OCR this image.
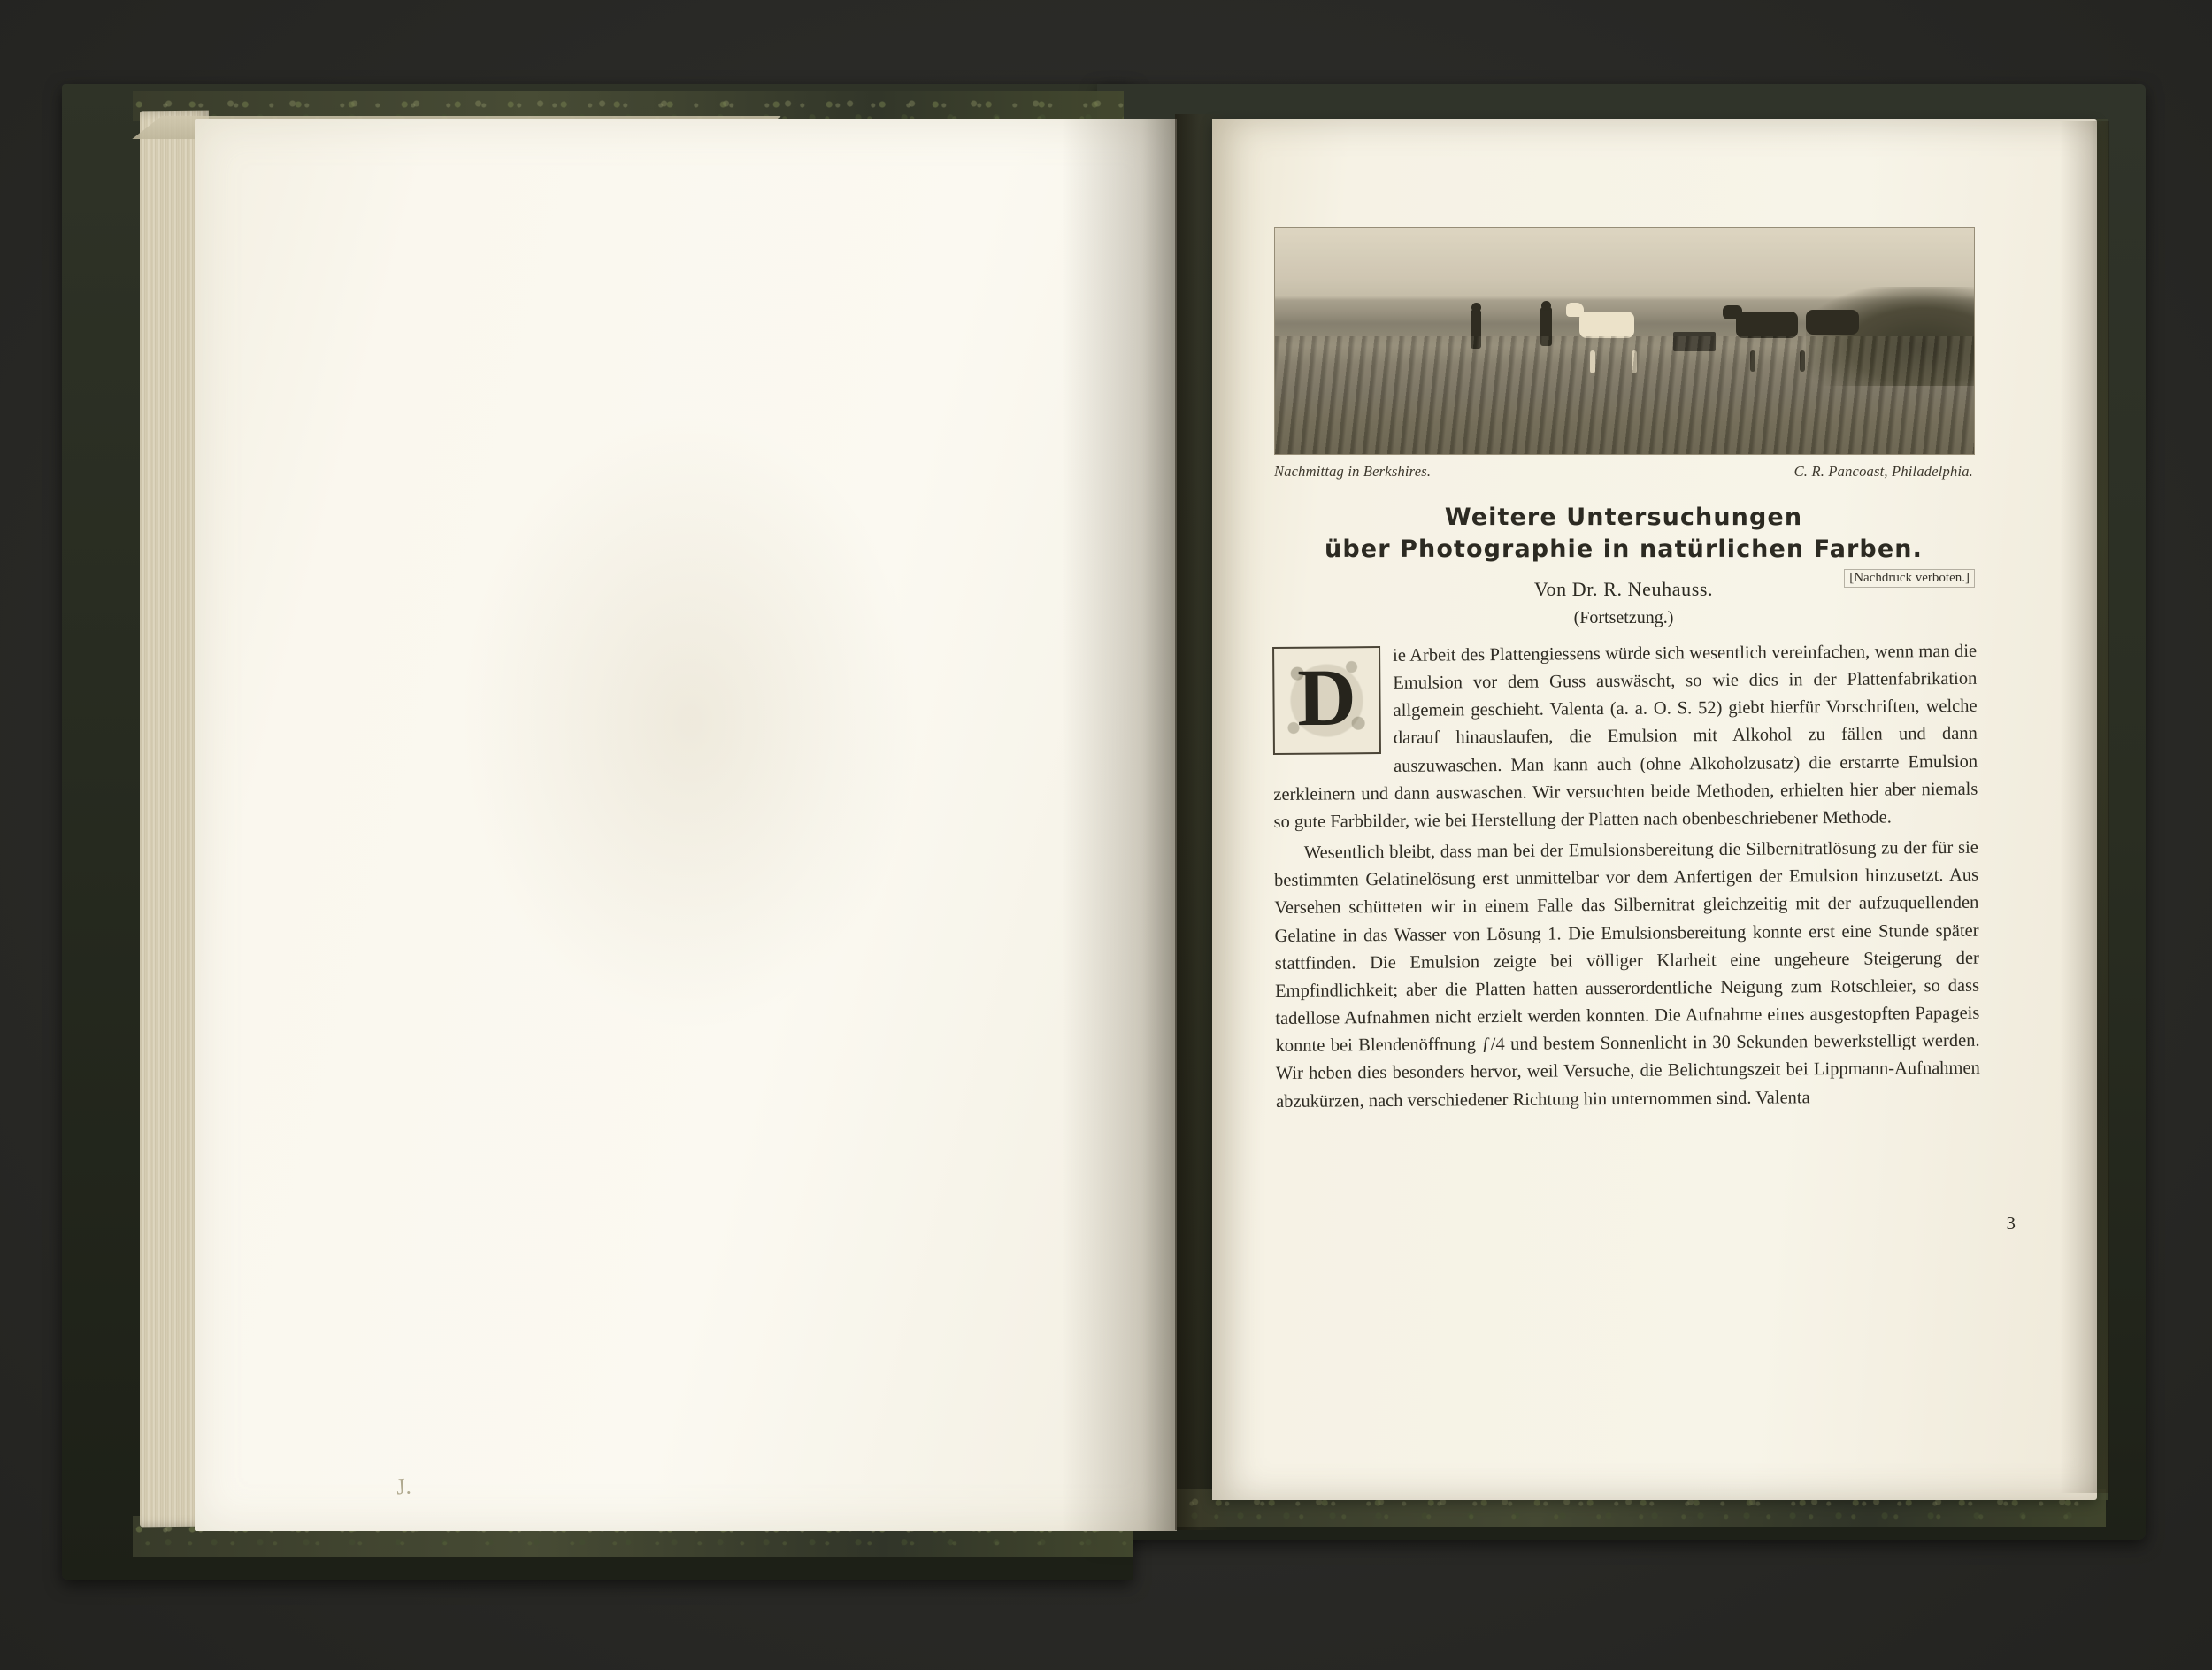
J.
Nachmittag in Berkshires.	C. R. Pancoast, Philadelphia.
Weitere Untersuchungen
über Photographie in natürlichen Farben.
Von Dr. R. Neuhauss.
(Fortsetzung.)
[Nachdruck verboten.]
D	ie Arbeit des Plattengiessens würde sich wesentlich vereinfachen, wenn man die Emulsion vor dem Guss auswäscht, so wie dies in der Plattenfabrikation allgemein geschieht. Valenta (a. a. O. S. 52) giebt hierfür Vorschriften, welche darauf hinauslaufen, die Emulsion mit Alkohol zu fällen und dann auszuwaschen. Man kann auch (ohne Alkoholzusatz) die erstarrte Emulsion zerkleinern und dann auswaschen. Wir versuchten beide Methoden, erhielten hier aber niemals so gute Farbbilder, wie bei Herstellung der Platten nach obenbeschriebener Methode.

Wesentlich bleibt, dass man bei der Emulsionsbereitung die Silbernitratlösung zu der für sie bestimmten Gelatinelösung erst unmittelbar vor dem Anfertigen der Emulsion hinzusetzt. Aus Versehen schütteten wir in einem Falle das Silbernitrat gleichzeitig mit der aufzuquellenden Gelatine in das Wasser von Lösung 1. Die Emulsionsbereitung konnte erst eine Stunde später stattfinden. Die Emulsion zeigte bei völliger Klarheit eine ungeheure Steigerung der Empfindlichkeit; aber die Platten hatten ausserordentliche Neigung zum Rotschleier, so dass tadellose Aufnahmen nicht erzielt werden konnten. Die Aufnahme eines ausgestopften Papageis konnte bei Blendenöffnung ƒ/4 und bestem Sonnenlicht in 30 Sekunden bewerkstelligt werden. Wir heben dies besonders hervor, weil Versuche, die Belichtungszeit bei Lippmann-Aufnahmen abzukürzen, nach verschiedener Richtung hin unternommen sind. Valenta

3
